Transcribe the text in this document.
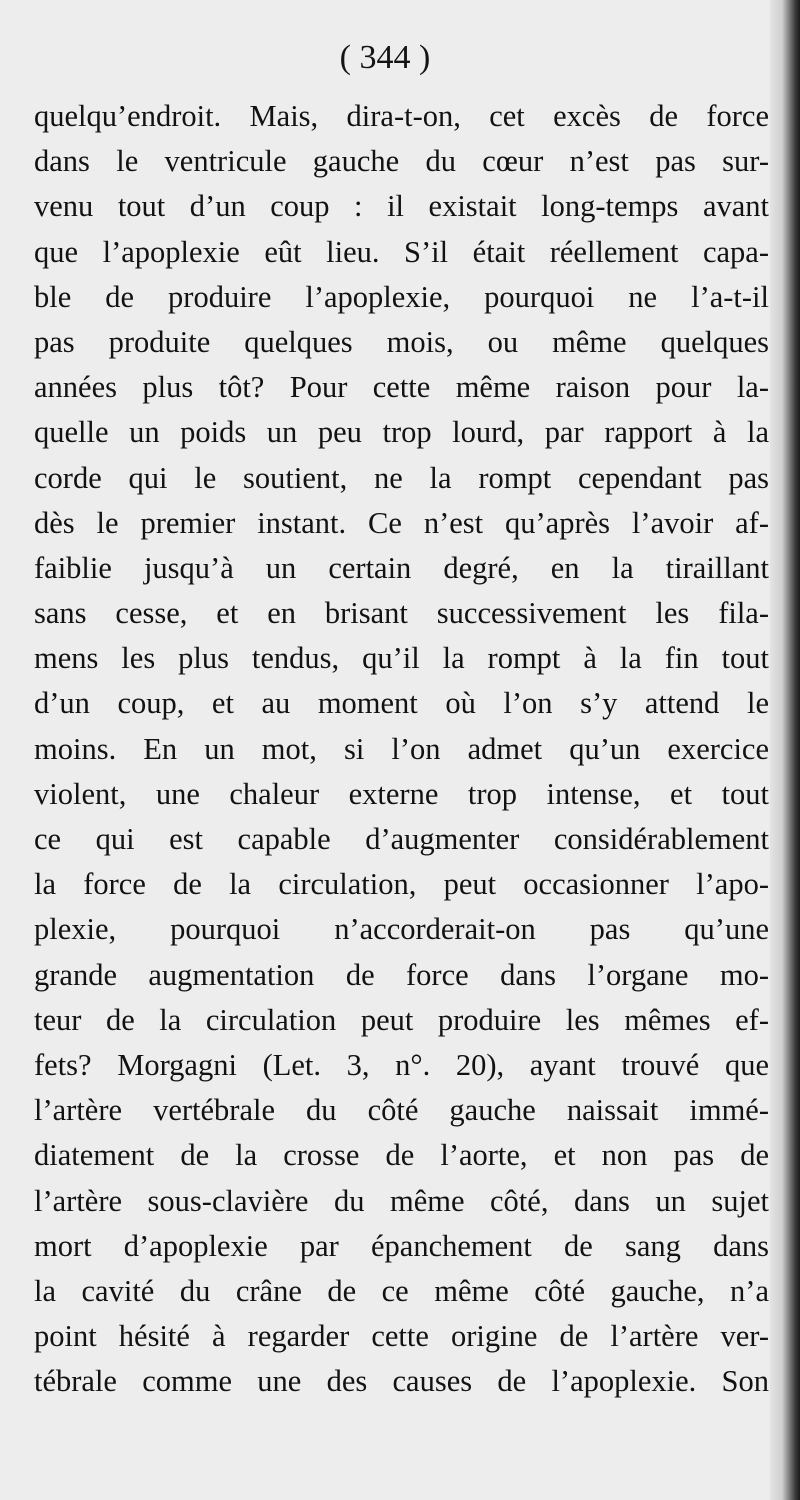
( 344 )
quelqu’endroit. Mais, dira-t-on, cet excès de force
dans le ventricule gauche du cœur n’est pas sur-
venu tout d’un coup : il existait long-temps avant
que l’apoplexie eût lieu. S’il était réellement capa-
ble de produire l’apoplexie, pourquoi ne l’a-t-il
pas produite quelques mois, ou même quelques
années plus tôt? Pour cette même raison pour la-
quelle un poids un peu trop lourd, par rapport à la
corde qui le soutient, ne la rompt cependant pas
dès le premier instant. Ce n’est qu’après l’avoir af-
faiblie jusqu’à un certain degré, en la tiraillant
sans cesse, et en brisant successivement les fila-
mens les plus tendus, qu’il la rompt à la fin tout
d’un coup, et au moment où l’on s’y attend le
moins. En un mot, si l’on admet qu’un exercice
violent, une chaleur externe trop intense, et tout
ce qui est capable d’augmenter considérablement
la force de la circulation, peut occasionner l’apo-
plexie, pourquoi n’accorderait-on pas qu’une
grande augmentation de force dans l’organe mo-
teur de la circulation peut produire les mêmes ef-
fets? Morgagni (Let. 3, n°. 20), ayant trouvé que
l’artère vertébrale du côté gauche naissait immé-
diatement de la crosse de l’aorte, et non pas de
l’artère sous-clavière du même côté, dans un sujet
mort d’apoplexie par épanchement de sang dans
la cavité du crâne de ce même côté gauche, n’a
point hésité à regarder cette origine de l’artère ver-
tébrale comme une des causes de l’apoplexie. Son
